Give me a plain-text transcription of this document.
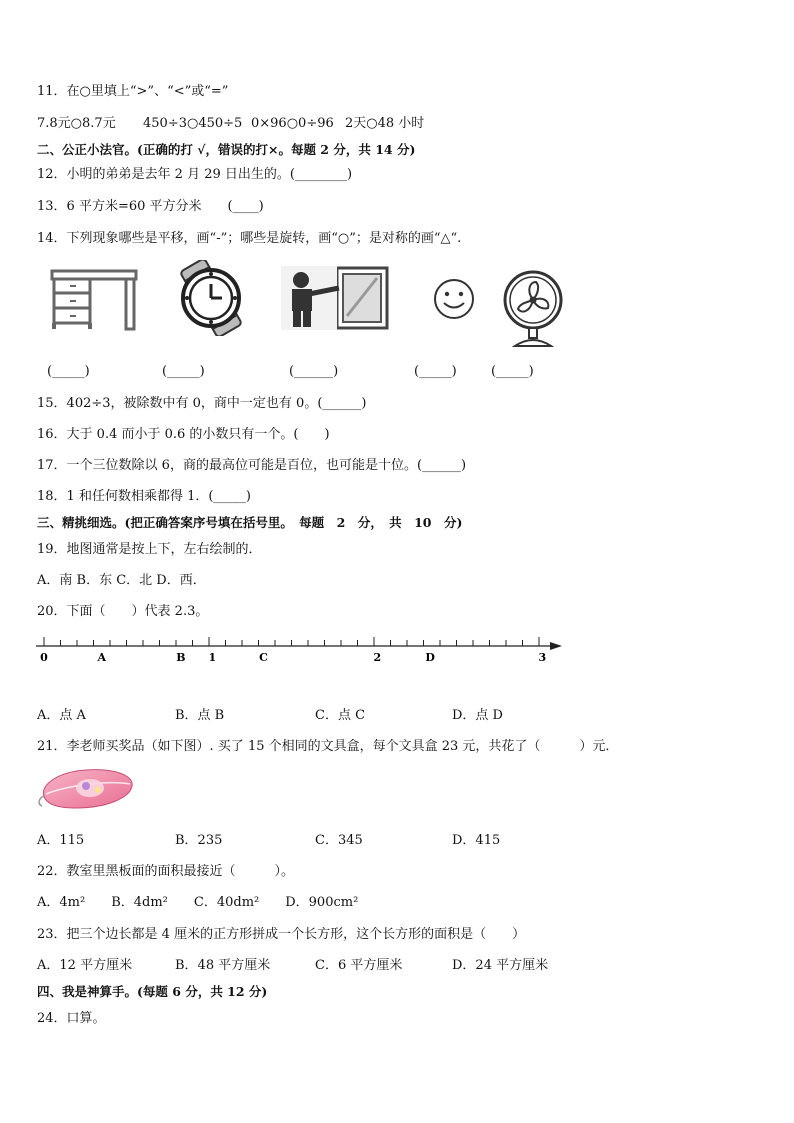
11．在○里填上“>”、“<”或“=”
7.8元○8.7元 450÷3○450÷5 0×96○0÷96 2天○48 小时
二、公正小法官。(正确的打 √，错误的打×。每题 2 分，共 14 分)
12．小明的弟弟是去年 2 月 29 日出生的。(________)
13．6 平方米=60 平方分米　　(____)
14．下列现象哪些是平移，画“-”；哪些是旋转，画“○”；是对称的画“△“.
(_____)	(_____)	(______)	(_____)	(_____)
15．402÷3，被除数中有 0，商中一定也有 0。(______)
16．大于 0.4 而小于 0.6 的小数只有一个。(　　)
17．一个三位数除以 6，商的最高位可能是百位，也可能是十位。(______)
18．1 和任何数相乘都得 1．(_____)
三、精挑细选。(把正确答案序号填在括号里。　每题　2　分，　共　10　分)
19．地图通常是按上下，左右绘制的．
A．南 B．东 C．北 D．西．
20．下面（　　）代表 2.3。
0	A	B 1	C	2	D	3
A．点 A	B．点 B	C．点 C	D．点 D
21．李老师买奖品（如下图）. 买了 15 个相同的文具盒，每个文具盒 23 元，共花了（　　　）元．
A．115	B．235	C．345	D．415
22．教室里黑板面的面积最接近（　　　）。
A．4m²　　B．4dm²　　C．40dm²　　D．900cm²
23．把三个边长都是 4 厘米的正方形拼成一个长方形，这个长方形的面积是（　　）
A．12 平方厘米	B．48 平方厘米	C．6 平方厘米	D．24 平方厘米
四、我是神算手。(每题 6 分，共 12 分)
24．口算。
